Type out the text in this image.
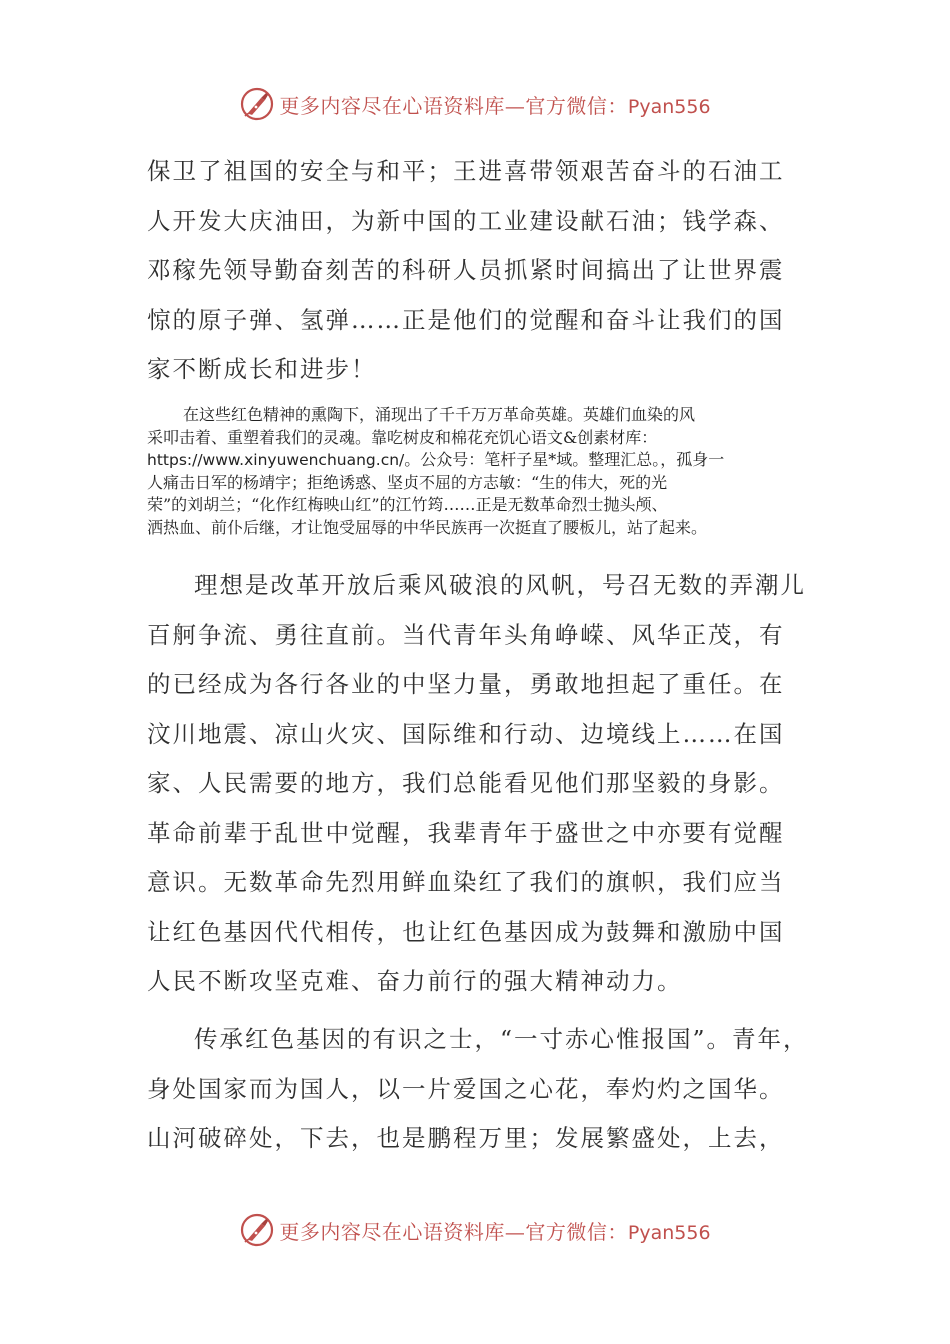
更多内容尽在心语资料库—官方微信：Pyan556
保卫了祖国的安全与和平；王进喜带领艰苦奋斗的石油工
人开发大庆油田，为新中国的工业建设献石油；钱学森、
邓稼先领导勤奋刻苦的科研人员抓紧时间搞出了让世界震
惊的原子弹、氢弹……正是他们的觉醒和奋斗让我们的国
家不断成长和进步！
在这些红色精神的熏陶下，涌现出了千千万万革命英雄。英雄们血染的风
采叩击着、重塑着我们的灵魂。靠吃树皮和棉花充饥心语文&创素材库：
https://www.xinyuwenchuang.cn/。公众号：笔杆子星*域。整理汇总。，孤身一
人痛击日军的杨靖宇；拒绝诱惑、坚贞不屈的方志敏：“生的伟大，死的光
荣”的刘胡兰；“化作红梅映山红”的江竹筠……正是无数革命烈士抛头颅、
洒热血、前仆后继，才让饱受屈辱的中华民族再一次挺直了腰板儿，站了起来。
理想是改革开放后乘风破浪的风帆，号召无数的弄潮儿
百舸争流、勇往直前。当代青年头角峥嵘、风华正茂，有
的已经成为各行各业的中坚力量，勇敢地担起了重任。在
汶川地震、凉山火灾、国际维和行动、边境线上……在国
家、人民需要的地方，我们总能看见他们那坚毅的身影。
革命前辈于乱世中觉醒，我辈青年于盛世之中亦要有觉醒
意识。无数革命先烈用鲜血染红了我们的旗帜，我们应当
让红色基因代代相传，也让红色基因成为鼓舞和激励中国
人民不断攻坚克难、奋力前行的强大精神动力。
传承红色基因的有识之士，“一寸赤心惟报国”。青年，
身处国家而为国人，以一片爱国之心花，奉灼灼之国华。
山河破碎处，下去，也是鹏程万里；发展繁盛处，上去，
更多内容尽在心语资料库—官方微信：Pyan556
